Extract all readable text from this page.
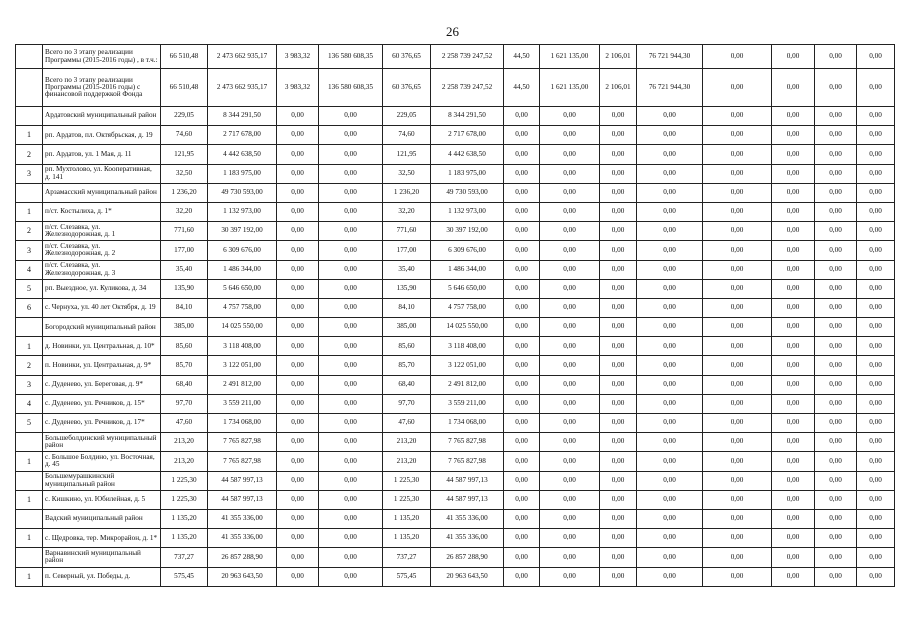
26
	Всего по 3 этапу реализации Программы (2015-2016 годы) , в т.ч.:	66 510,48	2 473 662 935,17	3 983,32	136 580 608,35	60 376,65	2 258 739 247,52	44,50	1 621 135,00	2 106,01	76 721 944,30	0,00	0,00	0,00	0,00
	Всего по 3 этапу реализации Программы (2015-2016 годы) с финансовой поддержкой Фонда	66 510,48	2 473 662 935,17	3 983,32	136 580 608,35	60 376,65	2 258 739 247,52	44,50	1 621 135,00	2 106,01	76 721 944,30	0,00	0,00	0,00	0,00
	Ардатовский муниципальный район	229,05	8 344 291,50	0,00	0,00	229,05	8 344 291,50	0,00	0,00	0,00	0,00	0,00	0,00	0,00	0,00
1	рп. Ардатов, пл. Октябрьская, д. 19	74,60	2 717 678,00	0,00	0,00	74,60	2 717 678,00	0,00	0,00	0,00	0,00	0,00	0,00	0,00	0,00
2	рп. Ардатов, ул. 1 Мая, д. 11	121,95	4 442 638,50	0,00	0,00	121,95	4 442 638,50	0,00	0,00	0,00	0,00	0,00	0,00	0,00	0,00
3	рп. Мухтолово, ул. Кооперативная, д. 141	32,50	1 183 975,00	0,00	0,00	32,50	1 183 975,00	0,00	0,00	0,00	0,00	0,00	0,00	0,00	0,00
	Арзамасский муниципальный район	1 236,20	49 730 593,00	0,00	0,00	1 236,20	49 730 593,00	0,00	0,00	0,00	0,00	0,00	0,00	0,00	0,00
1	п/ст. Костылиха, д. 1*	32,20	1 132 973,00	0,00	0,00	32,20	1 132 973,00	0,00	0,00	0,00	0,00	0,00	0,00	0,00	0,00
2	п/ст. Слезавка, ул. Железнодорожная, д. 1	771,60	30 397 192,00	0,00	0,00	771,60	30 397 192,00	0,00	0,00	0,00	0,00	0,00	0,00	0,00	0,00
3	п/ст. Слезавка, ул. Железнодорожная, д. 2	177,00	6 309 676,00	0,00	0,00	177,00	6 309 676,00	0,00	0,00	0,00	0,00	0,00	0,00	0,00	0,00
4	п/ст. Слезавка, ул. Железнодорожная, д. 3	35,40	1 486 344,00	0,00	0,00	35,40	1 486 344,00	0,00	0,00	0,00	0,00	0,00	0,00	0,00	0,00
5	рп. Выездное, ул. Куликова, д. 34	135,90	5 646 650,00	0,00	0,00	135,90	5 646 650,00	0,00	0,00	0,00	0,00	0,00	0,00	0,00	0,00
6	с. Чернуха, ул. 40 лет Октября, д. 19	84,10	4 757 758,00	0,00	0,00	84,10	4 757 758,00	0,00	0,00	0,00	0,00	0,00	0,00	0,00	0,00
	Богородский муниципальный район	385,00	14 025 550,00	0,00	0,00	385,00	14 025 550,00	0,00	0,00	0,00	0,00	0,00	0,00	0,00	0,00
1	д. Новинки, ул. Центральная, д. 10*	85,60	3 118 408,00	0,00	0,00	85,60	3 118 408,00	0,00	0,00	0,00	0,00	0,00	0,00	0,00	0,00
2	п. Новинки, ул. Центральная, д. 9*	85,70	3 122 051,00	0,00	0,00	85,70	3 122 051,00	0,00	0,00	0,00	0,00	0,00	0,00	0,00	0,00
3	с. Дуденево, ул. Береговая, д. 9*	68,40	2 491 812,00	0,00	0,00	68,40	2 491 812,00	0,00	0,00	0,00	0,00	0,00	0,00	0,00	0,00
4	с. Дуденево, ул. Речников, д. 15*	97,70	3 559 211,00	0,00	0,00	97,70	3 559 211,00	0,00	0,00	0,00	0,00	0,00	0,00	0,00	0,00
5	с. Дуденево, ул. Речников, д. 17*	47,60	1 734 068,00	0,00	0,00	47,60	1 734 068,00	0,00	0,00	0,00	0,00	0,00	0,00	0,00	0,00
	Большеболдинский муниципальный район	213,20	7 765 827,98	0,00	0,00	213,20	7 765 827,98	0,00	0,00	0,00	0,00	0,00	0,00	0,00	0,00
1	с. Большое Болдино, ул. Восточная, д. 45	213,20	7 765 827,98	0,00	0,00	213,20	7 765 827,98	0,00	0,00	0,00	0,00	0,00	0,00	0,00	0,00
	Большемурашкинский муниципальный район	1 225,30	44 587 997,13	0,00	0,00	1 225,30	44 587 997,13	0,00	0,00	0,00	0,00	0,00	0,00	0,00	0,00
1	с. Кишкино, ул. Юбилейная, д. 5	1 225,30	44 587 997,13	0,00	0,00	1 225,30	44 587 997,13	0,00	0,00	0,00	0,00	0,00	0,00	0,00	0,00
	Вадский муниципальный район	1 135,20	41 355 336,00	0,00	0,00	1 135,20	41 355 336,00	0,00	0,00	0,00	0,00	0,00	0,00	0,00	0,00
1	с. Щедровка, тер. Микрорайон, д. 1*	1 135,20	41 355 336,00	0,00	0,00	1 135,20	41 355 336,00	0,00	0,00	0,00	0,00	0,00	0,00	0,00	0,00
	Варнавинский муниципальный район	737,27	26 857 288,90	0,00	0,00	737,27	26 857 288,90	0,00	0,00	0,00	0,00	0,00	0,00	0,00	0,00
1	п. Северный, ул. Победы, д.	575,45	20 963 643,50	0,00	0,00	575,45	20 963 643,50	0,00	0,00	0,00	0,00	0,00	0,00	0,00	0,00
